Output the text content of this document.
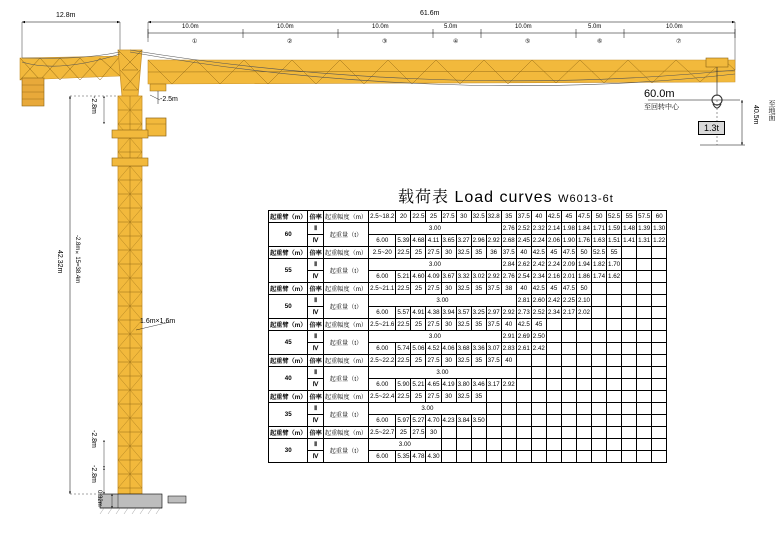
12.8m	61.6m
10.0m	10.0m	10.0m	5.0m	10.0m	5.0m	10.0m
①	②	③	④	⑤	⑥	⑦
-2.5m
-2.8m
-2.8m
-2.8m
0.32m
42.32m -2.8m×15=38.4m
1.6m×1.6m
40.5m 至地面
60.0m
至回转中心
1.3t
载荷表 Load curves W6013-6t
起重臂（m）	倍率	起重幅度（m）	2.5~18.2	20	22.5	25	27.5	30	32.5	32.8	35	37.5	40	42.5	45	47.5	50	52.5	55	57.5	60
60	Ⅱ	起重量（t）	3.00								2.76	2.52	2.32	2.14	1.98	1.84	1.71	1.59	1.48	1.39	1.30
	Ⅳ		6.00	5.39	4.68	4.11	3.65	3.27	2.96	2.92	2.68	2.45	2.24	2.06	1.90	1.76	1.63	1.51	1.41	1.31	1.22
起重臂（m）	倍率	起重幅度（m）	2.5~20	22.5	25	27.5	30	32.5	35	36	37.5	40	42.5	45	47.5	50	52.5	55			
55	Ⅱ	起重量（t）	3.00								2.84	2.62	2.42	2.24	2.09	1.94	1.82	1.70			
	Ⅳ		6.00	5.21	4.60	4.09	3.67	3.32	3.02	2.92	2.76	2.54	2.34	2.16	2.01	1.86	1.74	1.62			
起重臂（m）	倍率	起重幅度（m）	2.5~21.1	22.5	25	27.5	30	32.5	35	37.5	38	40	42.5	45	47.5	50					
50	Ⅱ	起重量（t）	3.00									2.81	2.60	2.42	2.25	2.10					
	Ⅳ		6.00	5.57	4.91	4.38	3.94	3.57	3.25	2.97	2.92	2.73	2.52	2.34	2.17	2.02					
起重臂（m）	倍率	起重幅度（m）	2.5~21.6	22.5	25	27.5	30	32.5	35	37.5	40	42.5	45								
45	Ⅱ	起重量（t）	3.00								2.91	2.69	2.50								
	Ⅳ		6.00	5.74	5.06	4.52	4.06	3.68	3.36	3.07	2.83	2.61	2.42								
起重臂（m）	倍率	起重幅度（m）	2.5~22.2	22.5	25	27.5	30	32.5	35	37.5	40										
40	Ⅱ	起重量（t）	3.00																		
	Ⅳ		6.00	5.90	5.21	4.65	4.19	3.80	3.46	3.17	2.92										
起重臂（m）	倍率	起重幅度（m）	2.5~22.4	22.5	25	27.5	30	32.5	35												
35	Ⅱ	起重量（t）	3.00																		
	Ⅳ		6.00	5.97	5.27	4.70	4.23	3.84	3.50												
起重臂（m）	倍率	起重幅度（m）	2.5~22.7	25	27.5	30															
30	Ⅱ	起重量（t）	3.00																		
	Ⅳ		6.00	5.35	4.78	4.30															
